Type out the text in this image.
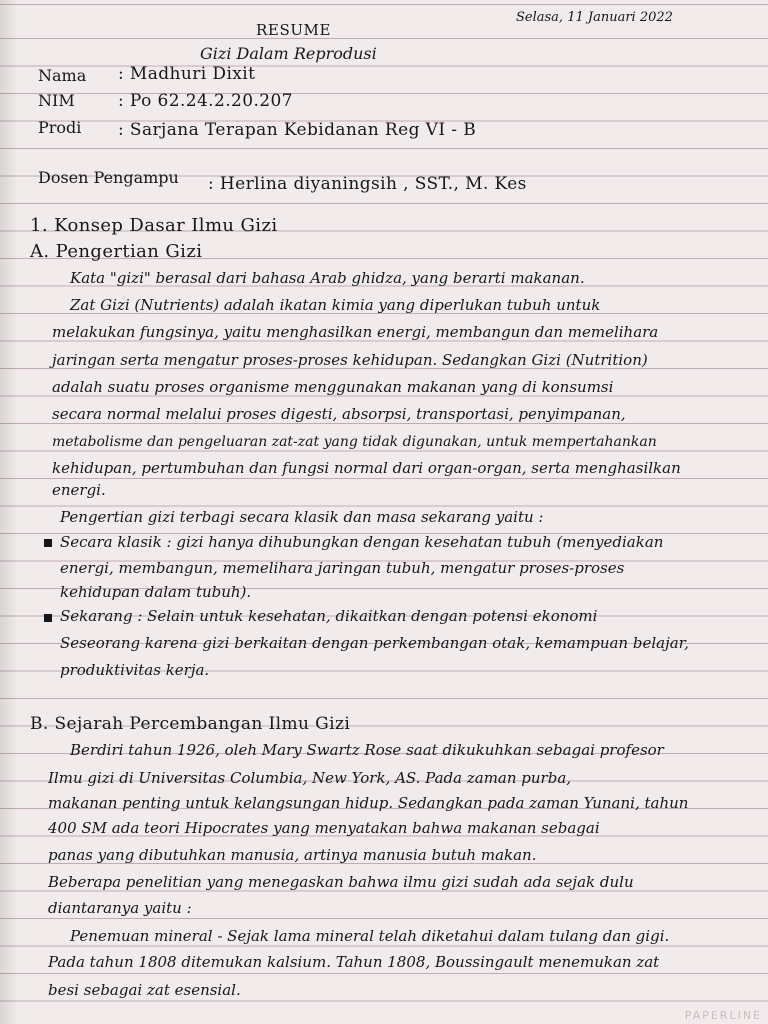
Selasa, 11 Januari 2022
RESUME
Gizi Dalam Reprodusi
Nama : Madhuri Dixit
NIM	: Po 62.24.2.20.207
Prodi : Sarjana Terapan Kebidanan Reg VI - B
Dosen Pengampu : Herlina diyaningsih , SST., M. Kes
1. Konsep Dasar Ilmu Gizi
A. Pengertian Gizi
Kata "gizi" berasal dari bahasa Arab ghidza, yang berarti makanan.
Zat Gizi (Nutrients) adalah ikatan kimia yang diperlukan tubuh untuk
melakukan fungsinya, yaitu menghasilkan energi, membangun dan memelihara
jaringan serta mengatur proses-proses kehidupan. Sedangkan Gizi (Nutrition)
adalah suatu proses organisme menggunakan makanan yang di konsumsi
secara normal melalui proses digesti, absorpsi, transportasi, penyimpanan,
metabolisme dan pengeluaran zat-zat yang tidak digunakan, untuk mempertahankan
kehidupan, pertumbuhan dan fungsi normal dari organ-organ, serta menghasilkan
energi.
Pengertian gizi terbagi secara klasik dan masa sekarang yaitu :
Secara klasik : gizi hanya dihubungkan dengan kesehatan tubuh (menyediakan
energi, membangun, memelihara jaringan tubuh, mengatur proses-proses
kehidupan dalam tubuh).
Sekarang : Selain untuk kesehatan, dikaitkan dengan potensi ekonomi
Seseorang karena gizi berkaitan dengan perkembangan otak, kemampuan belajar,
produktivitas kerja.
B. Sejarah Percembangan Ilmu Gizi
Berdiri tahun 1926, oleh Mary Swartz Rose saat dikukuhkan sebagai profesor
Ilmu gizi di Universitas Columbia, New York, AS. Pada zaman purba,
makanan penting untuk kelangsungan hidup. Sedangkan pada zaman Yunani, tahun
400 SM ada teori Hipocrates yang menyatakan bahwa makanan sebagai
panas yang dibutuhkan manusia, artinya manusia butuh makan.
Beberapa penelitian yang menegaskan bahwa ilmu gizi sudah ada sejak dulu
diantaranya yaitu :
Penemuan mineral - Sejak lama mineral telah diketahui dalam tulang dan gigi.
Pada tahun 1808 ditemukan kalsium. Tahun 1808, Boussingault menemukan zat
besi sebagai zat esensial.
PAPERLINE
